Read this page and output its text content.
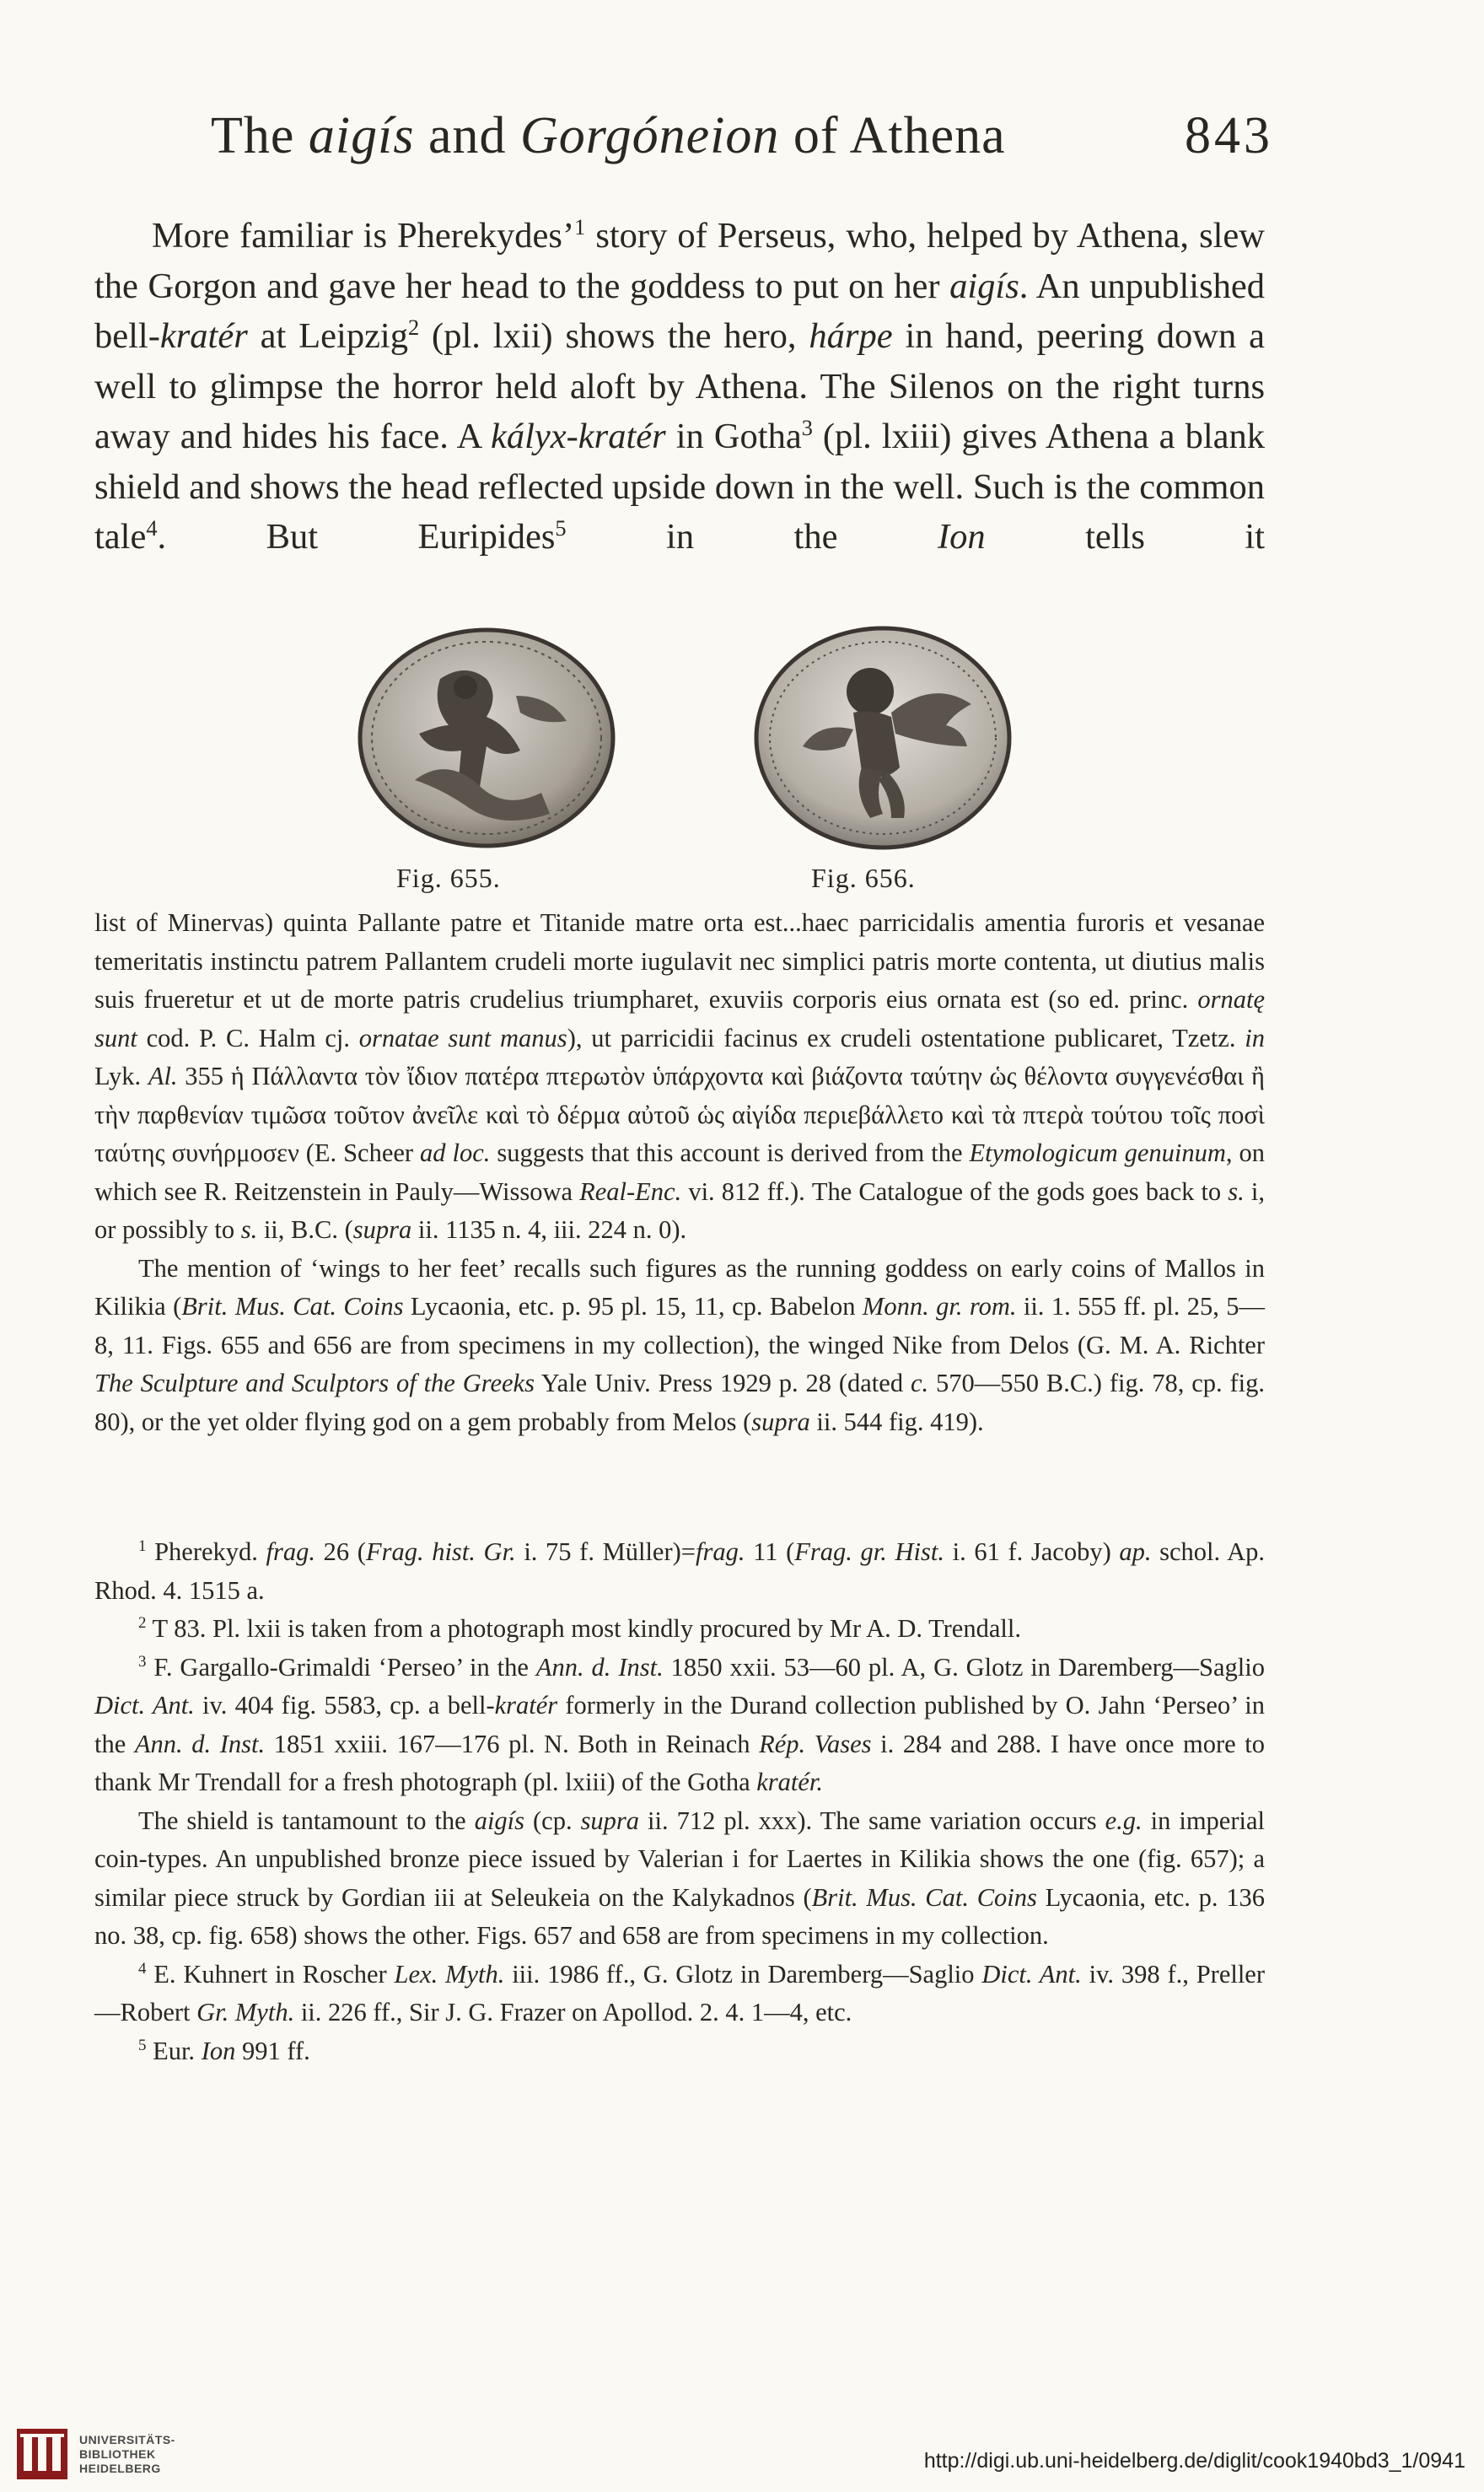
The aigís and Gorgóneion of Athena	843

More familiar is Pherekydes’$^1$ story of Perseus, who, helped by Athena, slew the Gorgon and gave her head to the goddess to put on her aigís. An unpublished bell-kratér at Leipzig$^2$ (pl. lxii) shows the hero, hárpe in hand, peering down a well to glimpse the horror held aloft by Athena. The Silenos on the right turns away and hides his face. A kályx-kratér in Gotha$^3$ (pl. lxiii) gives Athena a blank shield and shows the head reflected upside down in the well. Such is the common tale$^4$. But Euripides$^5$ in the Ion tells it

Fig. 655.	Fig. 656.

list of Minervas) quinta Pallante patre et Titanide matre orta est...haec parricidalis amentia furoris et vesanae temeritatis instinctu patrem Pallantem crudeli morte iugulavit nec simplici patris morte contenta, ut diutius malis suis frueretur et ut de morte patris crudelius triumpharet, exuviis corporis eius ornata est (so ed. princ. ornatę sunt cod. P. C. Halm cj. ornatae sunt manus), ut parricidii facinus ex crudeli ostentatione publicaret, Tzetz. in Lyk. Al. 355 ἡ Πάλλαντα τὸν ἴδιον πατέρα πτερωτὸν ὑπάρχοντα καὶ βιάζοντα ταύτην ὡς θέλοντα συγγενέσθαι ἢ τὴν παρθενίαν τιμῶσα τοῦτον ἀνεῖλε καὶ τὸ δέρμα αὐτοῦ ὡς αἰγίδα περιεβάλλετο καὶ τὰ πτερὰ τούτου τοῖς ποσὶ ταύτης συνήρμοσεν (E. Scheer ad loc. suggests that this account is derived from the Etymologicum genuinum, on which see R. Reitzenstein in Pauly—Wissowa Real-Enc. vi. 812 ff.). The Catalogue of the gods goes back to s. i, or possibly to s. ii, B.C. (supra ii. 1135 n. 4, iii. 224 n. 0).

The mention of ‘wings to her feet’ recalls such figures as the running goddess on early coins of Mallos in Kilikia (Brit. Mus. Cat. Coins Lycaonia, etc. p. 95 pl. 15, 11, cp. Babelon Monn. gr. rom. ii. 1. 555 ff. pl. 25, 5—8, 11. Figs. 655 and 656 are from specimens in my collection), the winged Nike from Delos (G. M. A. Richter The Sculpture and Sculptors of the Greeks Yale Univ. Press 1929 p. 28 (dated c. 570—550 B.C.) fig. 78, cp. fig. 80), or the yet older flying god on a gem probably from Melos (supra ii. 544 fig. 419).

$^1$ Pherekyd. frag. 26 (Frag. hist. Gr. i. 75 f. Müller)=frag. 11 (Frag. gr. Hist. i. 61 f. Jacoby) ap. schol. Ap. Rhod. 4. 1515 a.

$^2$ T 83. Pl. lxii is taken from a photograph most kindly procured by Mr A. D. Trendall.

$^3$ F. Gargallo-Grimaldi ‘Perseo’ in the Ann. d. Inst. 1850 xxii. 53—60 pl. A, G. Glotz in Daremberg—Saglio Dict. Ant. iv. 404 fig. 5583, cp. a bell-kratér formerly in the Durand collection published by O. Jahn ‘Perseo’ in the Ann. d. Inst. 1851 xxiii. 167—176 pl. N. Both in Reinach Rép. Vases i. 284 and 288. I have once more to thank Mr Trendall for a fresh photograph (pl. lxiii) of the Gotha kratér.

The shield is tantamount to the aigís (cp. supra ii. 712 pl. xxx). The same variation occurs e.g. in imperial coin-types. An unpublished bronze piece issued by Valerian i for Laertes in Kilikia shows the one (fig. 657); a similar piece struck by Gordian iii at Seleukeia on the Kalykadnos (Brit. Mus. Cat. Coins Lycaonia, etc. p. 136 no. 38, cp. fig. 658) shows the other. Figs. 657 and 658 are from specimens in my collection.

$^4$ E. Kuhnert in Roscher Lex. Myth. iii. 1986 ff., G. Glotz in Daremberg—Saglio Dict. Ant. iv. 398 f., Preller—Robert Gr. Myth. ii. 226 ff., Sir J. G. Frazer on Apollod. 2. 4. 1—4, etc.

$^5$ Eur. Ion 991 ff.

UNIVERSITÄTS-
BIBLIOTHEK
HEIDELBERG	http://digi.ub.uni-heidelberg.de/diglit/cook1940bd3_1/0941
